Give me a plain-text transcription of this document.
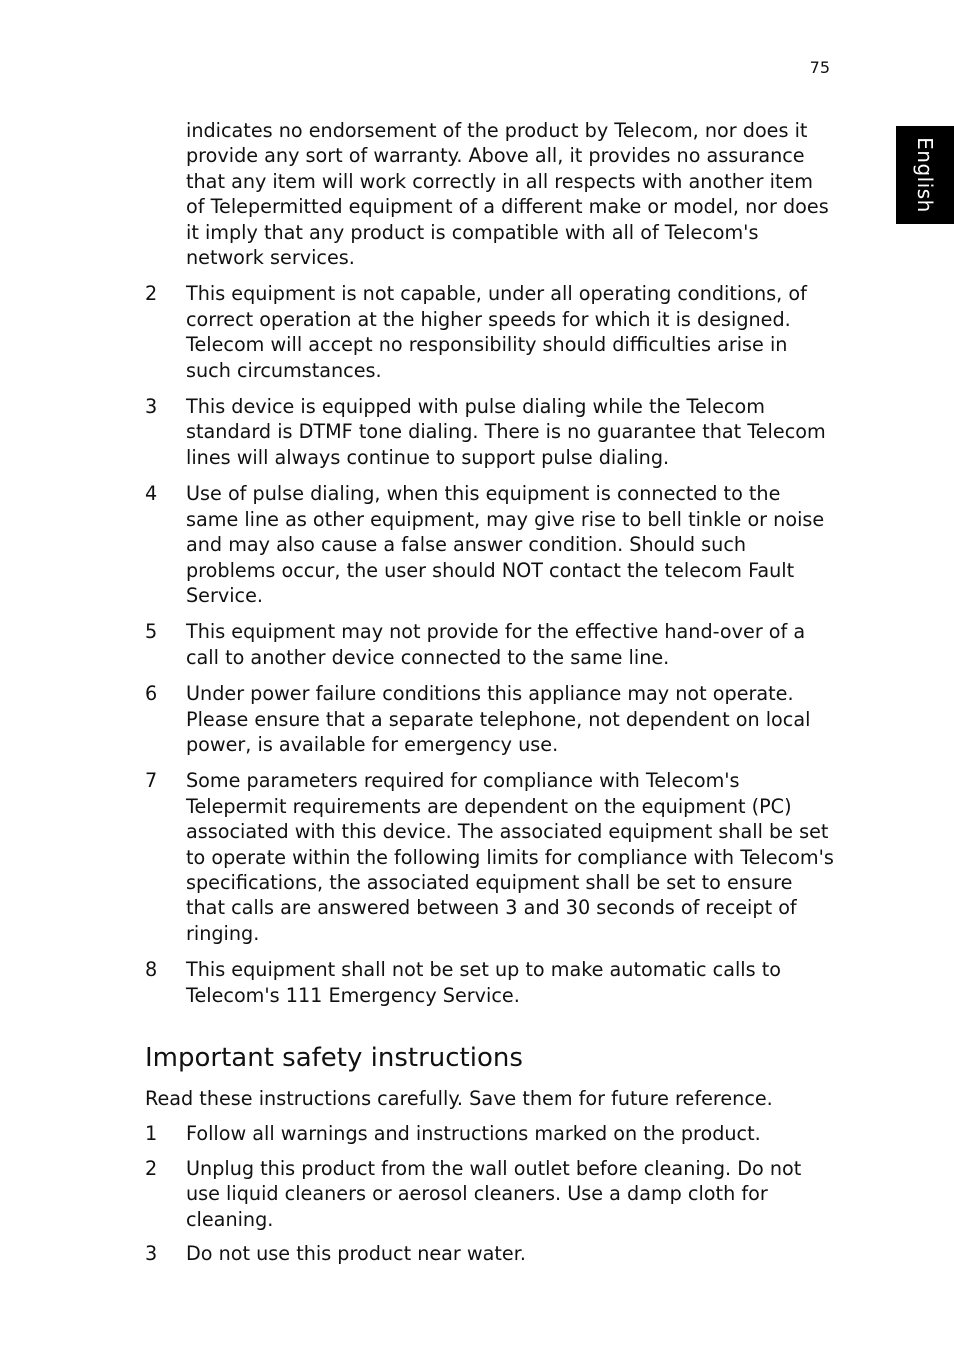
75
English

indicates no endorsement of the product by Telecom, nor does it provide any sort of warranty. Above all, it provides no assurance that any item will work correctly in all respects with another item of Telepermitted equipment of a different make or model, nor does it imply that any product is compatible with all of Telecom's network services.

2	This equipment is not capable, under all operating conditions, of correct operation at the higher speeds for which it is designed. Telecom will accept no responsibility should difficulties arise in such circumstances.
3	This device is equipped with pulse dialing while the Telecom standard is DTMF tone dialing. There is no guarantee that Telecom lines will always continue to support pulse dialing.
4	Use of pulse dialing, when this equipment is connected to the same line as other equipment, may give rise to bell tinkle or noise and may also cause a false answer condition. Should such problems occur, the user should NOT contact the telecom Fault Service.
5	This equipment may not provide for the effective hand-over of a call to another device connected to the same line.
6	Under power failure conditions this appliance may not operate. Please ensure that a separate telephone, not dependent on local power, is available for emergency use.
7	Some parameters required for compliance with Telecom's Telepermit requirements are dependent on the equipment (PC) associated with this device. The associated equipment shall be set to operate within the following limits for compliance with Telecom's specifications, the associated equipment shall be set to ensure that calls are answered between 3 and 30 seconds of receipt of ringing.
8	This equipment shall not be set up to make automatic calls to Telecom's 111 Emergency Service.
Important safety instructions

Read these instructions carefully. Save them for future reference.

1	Follow all warnings and instructions marked on the product.
2	Unplug this product from the wall outlet before cleaning. Do not use liquid cleaners or aerosol cleaners. Use a damp cloth for cleaning.
3	Do not use this product near water.
